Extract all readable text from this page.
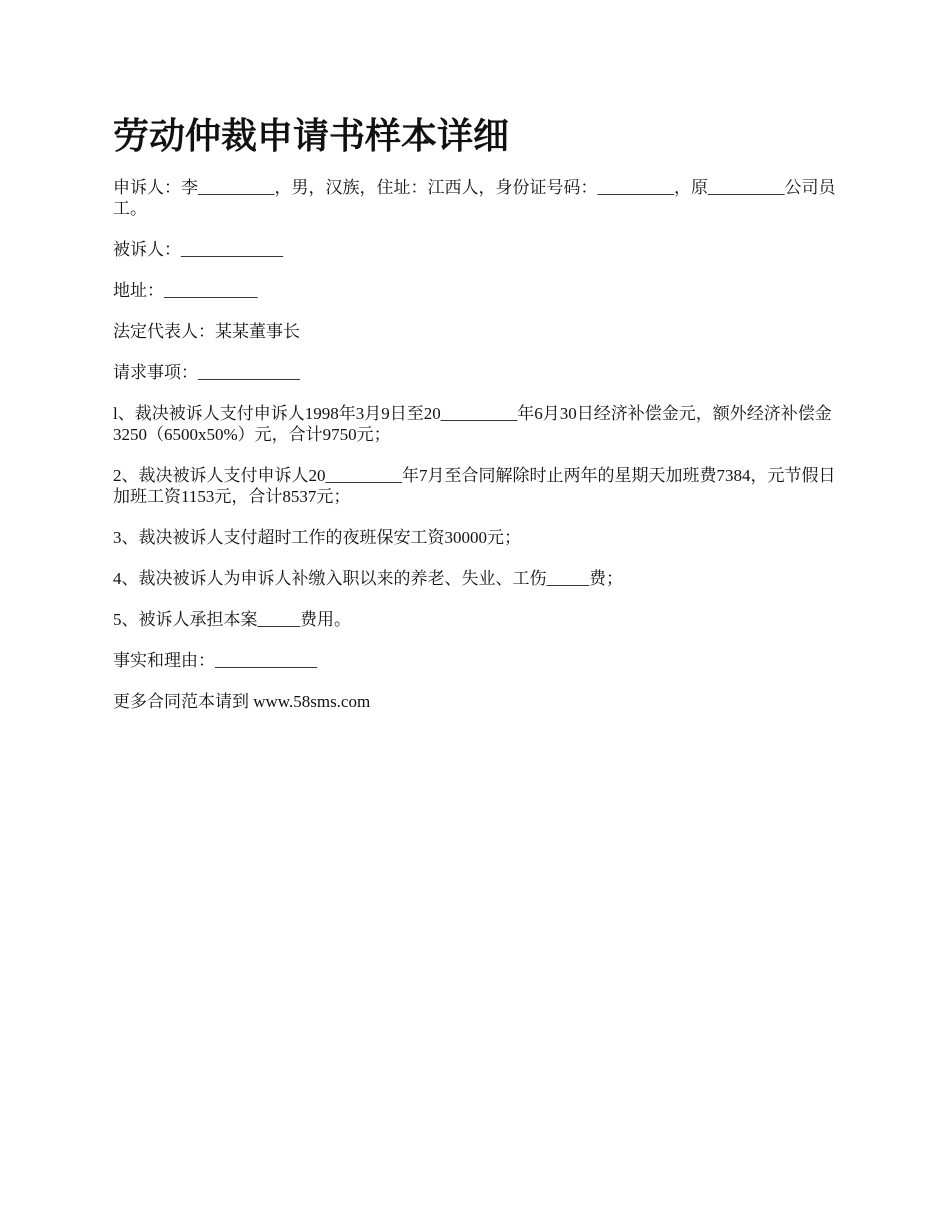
劳动仲裁申请书样本详细

申诉人：李_________，男，汉族，住址：江西人，身份证号码：_________，原_________公司员工。

被诉人：____________

地址：___________

法定代表人：某某董事长

请求事项：____________

l、裁决被诉人支付申诉人1998年3月9日至20_________年6月30日经济补偿金元，额外经济补偿金3250（6500x50%）元，合计9750元；

2、裁决被诉人支付申诉人20_________年7月至合同解除时止两年的星期天加班费7384，元节假日加班工资1153元，合计8537元；

3、裁决被诉人支付超时工作的夜班保安工资30000元；

4、裁决被诉人为申诉人补缴入职以来的养老、失业、工伤_____费；

5、被诉人承担本案_____费用。

事实和理由：____________

更多合同范本请到 www.58sms.com
